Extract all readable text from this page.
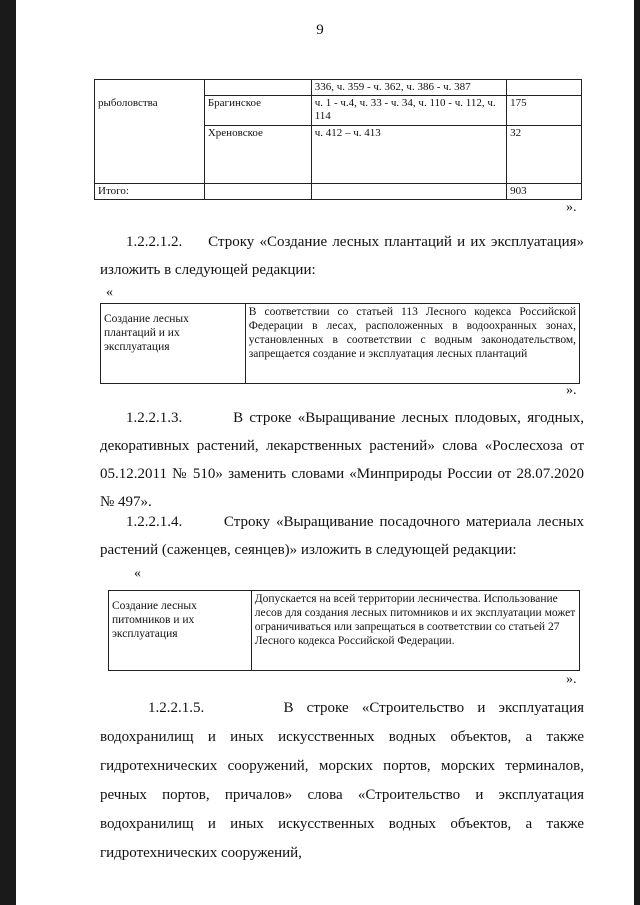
9
		336, ч. 359 - ч. 362, ч. 386 - ч. 387	
рыболовства	Брагинское	ч. 1 - ч.4, ч. 33 - ч. 34, ч. 110 - ч. 112, ч. 114	175
	Хреновское	ч. 412 – ч. 413	32
Итого:			903
».
1.2.2.1.2. Строку «Создание лесных плантаций и их эксплуатация» изложить в следующей редакции:
«
Создание лесных плантаций и их эксплуатация	В соответствии со статьей 113 Лесного кодекса Российской Федерации в лесах, расположенных в водоохранных зонах, установленных в соответствии с водным законодательством, запрещается создание и эксплуатация лесных плантаций
».
1.2.2.1.3.	В строке «Выращивание лесных плодовых, ягодных, декоративных растений, лекарственных растений» слова «Рослесхоза от 05.12.2011 № 510» заменить словами «Минприроды России от 28.07.2020 № 497».
1.2.2.1.4.	Строку «Выращивание посадочного материала лесных растений (саженцев, сеянцев)» изложить в следующей редакции:
«
Создание лесных питомников и их эксплуатация	Допускается на всей территории лесничества. Использование лесов для создания лесных питомников и их эксплуатации может ограничиваться или запрещаться в соответствии со статьей 27 Лесного кодекса Российской Федерации.
».
1.2.2.1.5.	В строке «Строительство и эксплуатация водохранилищ и иных искусственных водных объектов, а также гидротехнических сооружений, морских портов, морских терминалов, речных портов, причалов» слова «Строительство и эксплуатация водохранилищ и иных искусственных водных объектов, а также гидротехнических сооружений,
